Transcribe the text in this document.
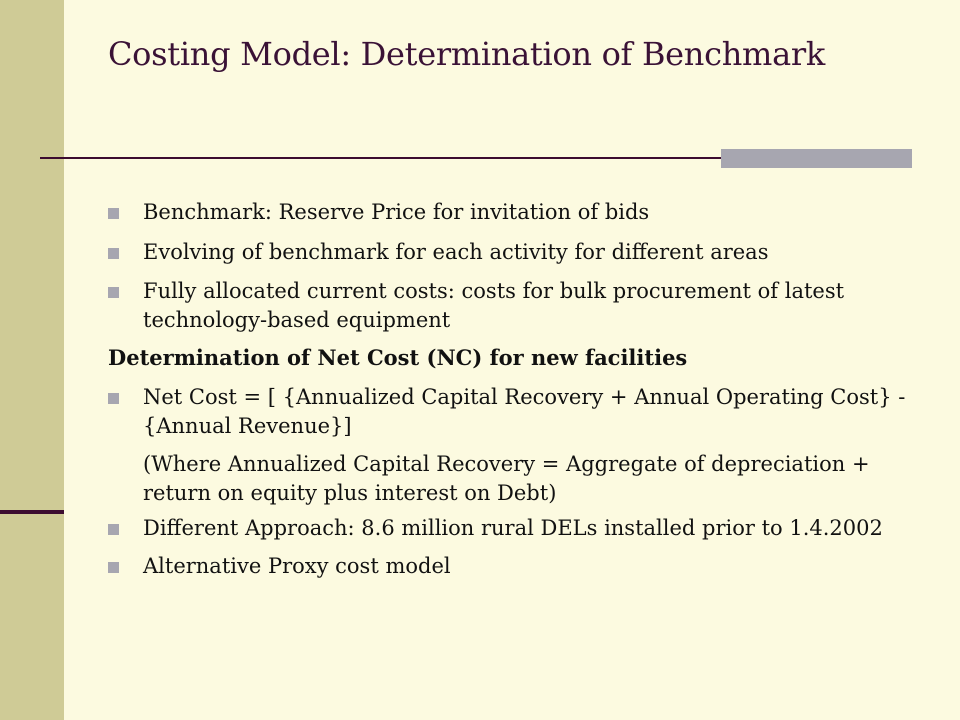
Costing Model: Determination of Benchmark
Benchmark: Reserve Price for invitation of bids
Evolving of benchmark for each activity for different areas
Fully allocated current costs: costs for bulk procurement of latest technology-based equipment
Determination of Net Cost (NC) for new facilities
Net Cost = [ {Annualized Capital Recovery + Annual Operating Cost} - {Annual Revenue}]
(Where Annualized Capital Recovery = Aggregate of depreciation + return on equity plus interest on Debt)
Different Approach: 8.6 million rural DELs installed prior to 1.4.2002
Alternative Proxy cost model
